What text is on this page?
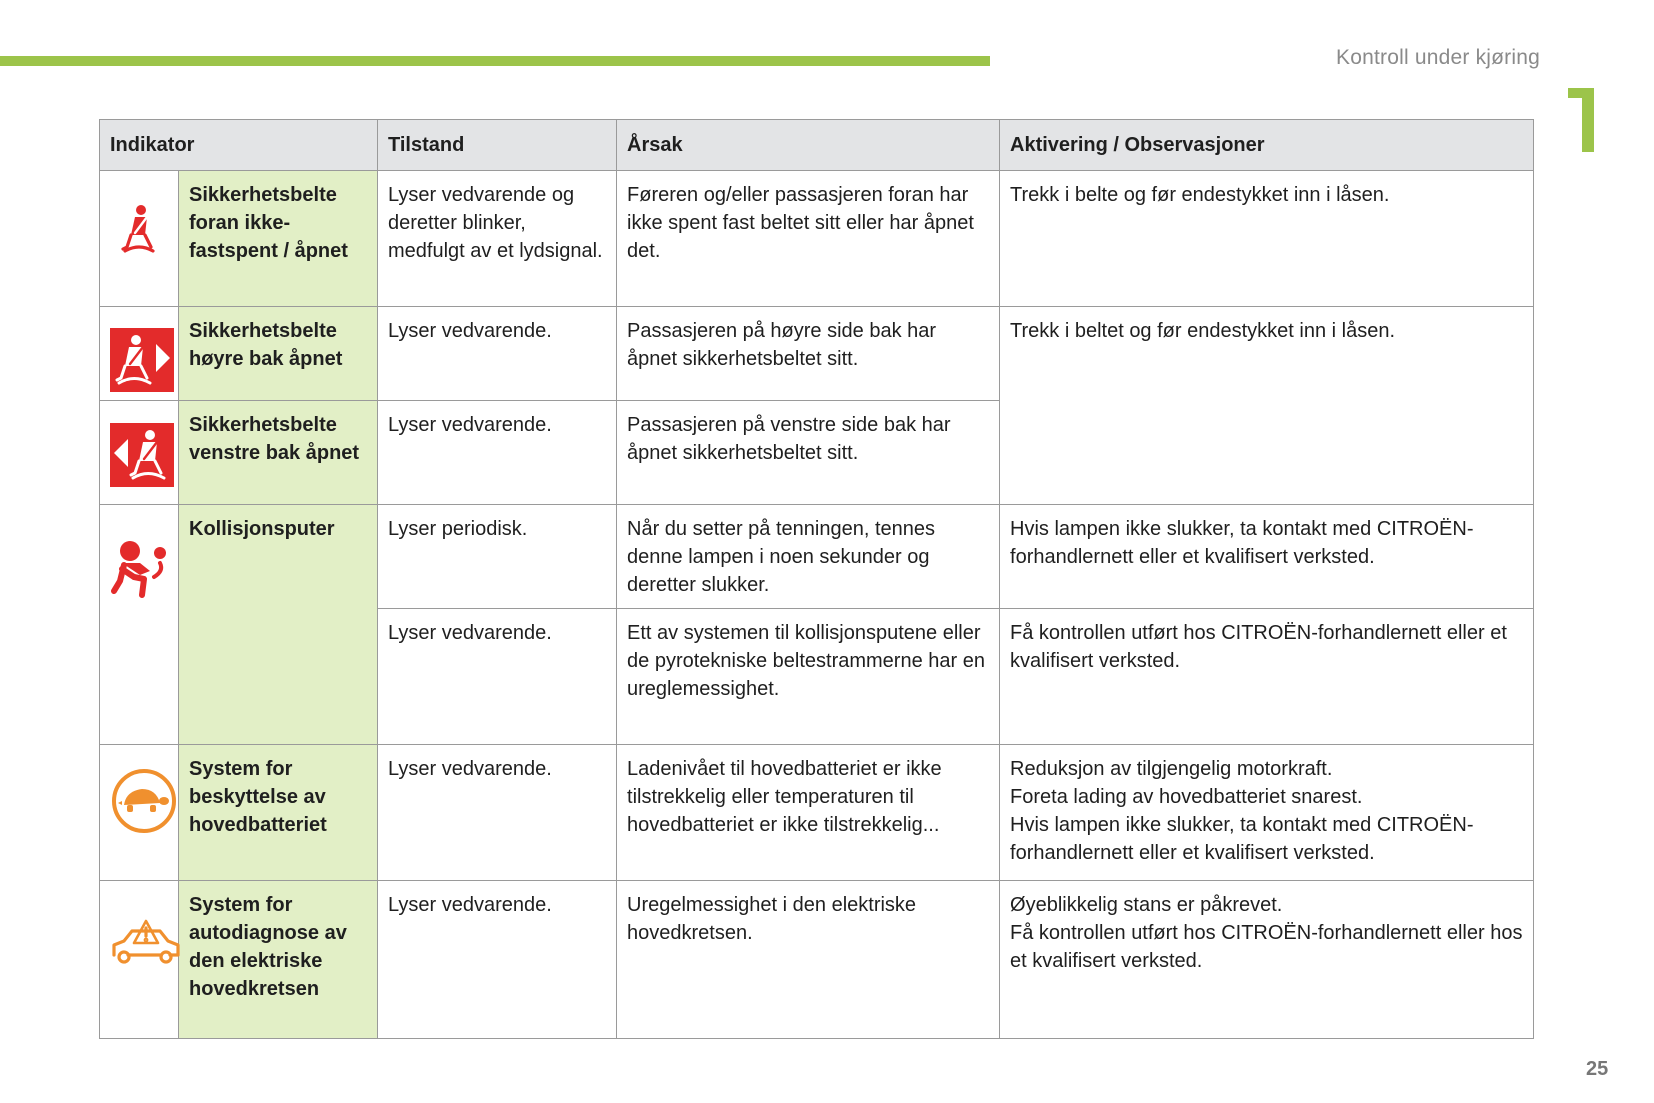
Kontroll under kjøring
Indikator		Tilstand	Årsak	Aktivering / Observasjoner

	Sikkerhetsbelte foran ikke-fastspent / åpnet	Lyser vedvarende og deretter blinker, medfulgt av et lydsignal.	Føreren og/eller passasjeren foran har ikke spent fast beltet sitt eller har åpnet det.	Trekk i belte og før endestykket inn i låsen.

	Sikkerhetsbelte høyre bak åpnet	Lyser vedvarende.	Passasjeren på høyre side bak har åpnet sikkerhetsbeltet sitt.	Trekk i beltet og før endestykket inn i låsen.

	Sikkerhetsbelte venstre bak åpnet	Lyser vedvarende.	Passasjeren på venstre side bak har åpnet sikkerhetsbeltet sitt.	

	Kollisjonsputer	Lyser periodisk.	Når du setter på tenningen, tennes denne lampen i noen sekunder og deretter slukker.	Hvis lampen ikke slukker, ta kontakt med CITROËN-forhandlernett eller et kvalifisert verksted.
		Lyser vedvarende.	Ett av systemen til kollisjonsputene eller de pyrotekniske beltestrammerne har en ureglemessighet.	Få kontrollen utført hos CITROËN-forhandlernett eller et kvalifisert verksted.

	System for beskyttelse av hovedbatteriet	Lyser vedvarende.	Ladenivået til hovedbatteriet er ikke tilstrekkelig eller temperaturen til hovedbatteriet er ikke tilstrekkelig...	Reduksjon av tilgjengelig motorkraft.
Foreta lading av hovedbatteriet snarest.
Hvis lampen ikke slukker, ta kontakt med CITROËN-forhandlernett eller et kvalifisert verksted.

	System for autodiagnose av den elektriske hovedkretsen	Lyser vedvarende.	Uregelmessighet i den elektriske hovedkretsen.	Øyeblikkelig stans er påkrevet.
Få kontrollen utført hos CITROËN-forhandlernett eller hos et kvalifisert verksted.
25
